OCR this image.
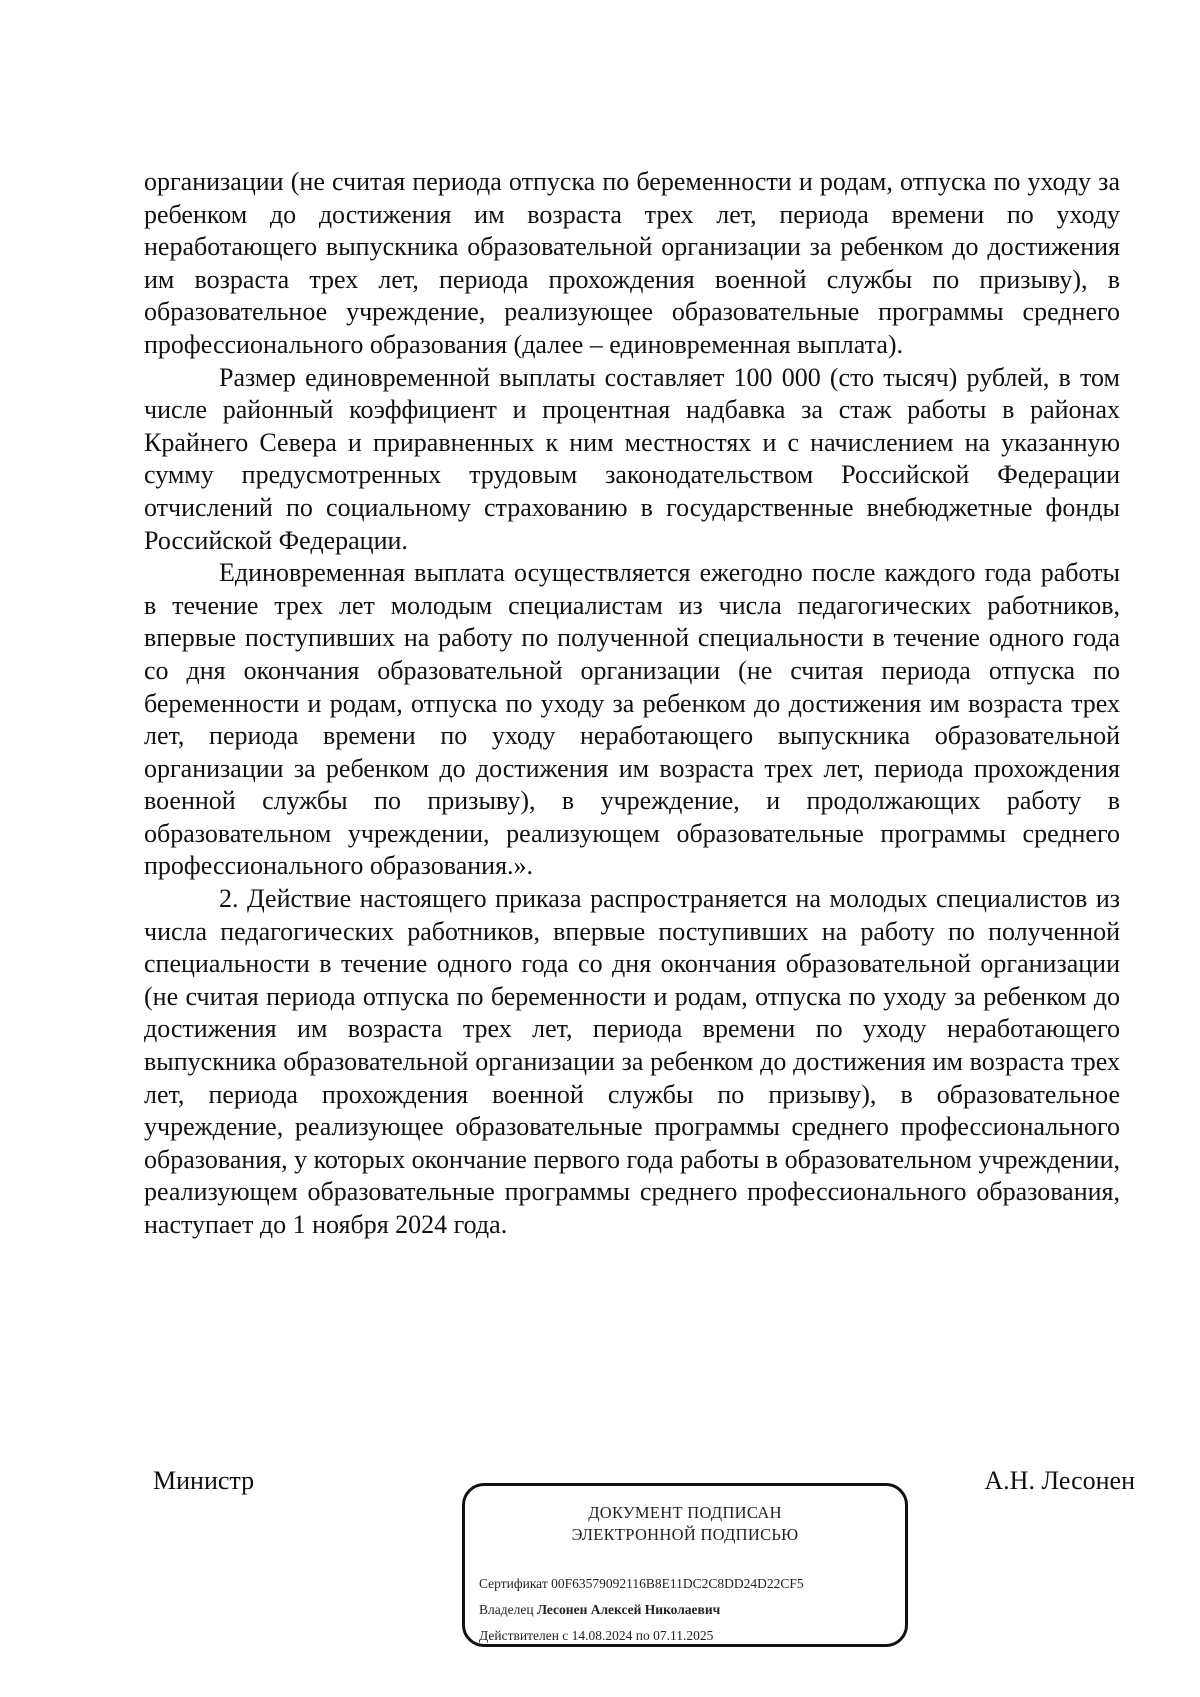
организации (не считая периода отпуска по беременности и родам, отпуска по уходу за ребенком до достижения им возраста трех лет, периода времени по уходу неработающего выпускника образовательной организации за ребенком до достижения им возраста трех лет, периода прохождения военной службы по призыву), в образовательное учреждение, реализующее образовательные программы среднего профессионального образования (далее – единовременная выплата).

Размер единовременной выплаты составляет 100 000 (сто тысяч) рублей, в том числе районный коэффициент и процентная надбавка за стаж работы в районах Крайнего Севера и приравненных к ним местностях и с начислением на указанную сумму предусмотренных трудовым законодательством Российской Федерации отчислений по социальному страхованию в государственные внебюджетные фонды Российской Федерации.

Единовременная выплата осуществляется ежегодно после каждого года работы в течение трех лет молодым специалистам из числа педагогических работников, впервые поступивших на работу по полученной специальности в течение одного года со дня окончания образовательной организации (не считая периода отпуска по беременности и родам, отпуска по уходу за ребенком до достижения им возраста трех лет, периода времени по уходу неработающего выпускника образовательной организации за ребенком до достижения им возраста трех лет, периода прохождения военной службы по призыву), в учреждение, и продолжающих работу в образовательном учреждении, реализующем образовательные программы среднего профессионального образования.».

2. Действие настоящего приказа распространяется на молодых специалистов из числа педагогических работников, впервые поступивших на работу по полученной специальности в течение одного года со дня окончания образовательной организации (не считая периода отпуска по беременности и родам, отпуска по уходу за ребенком до достижения им возраста трех лет, периода времени по уходу неработающего выпускника образовательной организации за ребенком до достижения им возраста трех лет, периода прохождения военной службы по призыву), в образовательное учреждение, реализующее образовательные программы среднего профессионального образования, у которых окончание первого года работы в образовательном учреждении, реализующем образовательные программы среднего профессионального образования, наступает до 1 ноября 2024 года.

Министр	А.Н. Лесонен
ДОКУМЕНТ ПОДПИСАН
ЭЛЕКТРОННОЙ ПОДПИСЬЮ
Сертификат 00F63579092116B8E11DC2C8DD24D22CF5
Владелец Лесонен Алексей Николаевич
Действителен с 14.08.2024 по 07.11.2025
